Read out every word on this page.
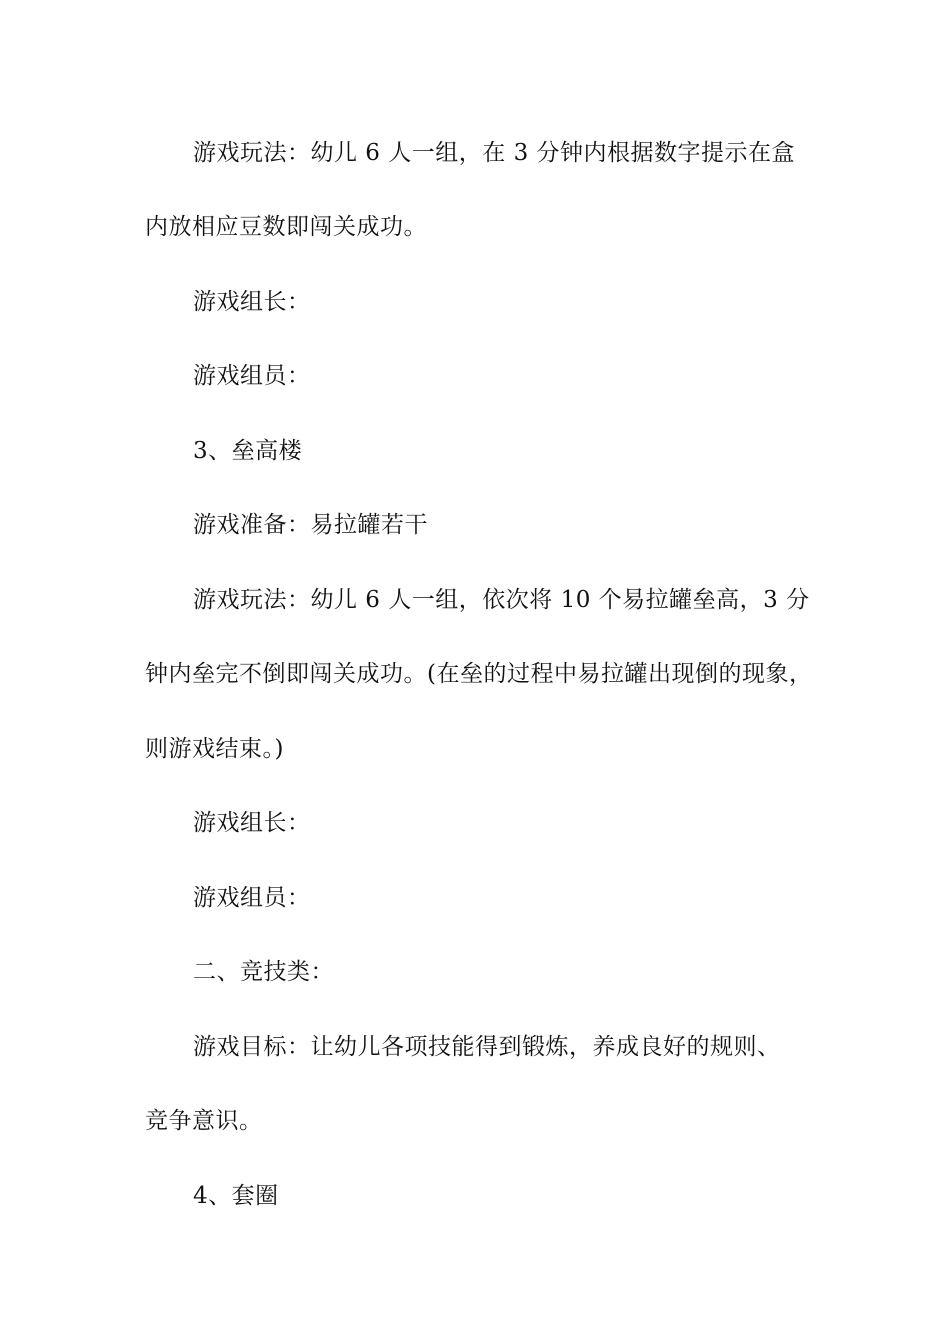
游戏玩法：幼儿 6 人一组，在 3 分钟内根据数字提示在盒
内放相应豆数即闯关成功。
游戏组长：
游戏组员：
3、垒高楼
游戏准备：易拉罐若干
游戏玩法：幼儿 6 人一组，依次将 10 个易拉罐垒高，3 分
钟内垒完不倒即闯关成功。(在垒的过程中易拉罐出现倒的现象，
则游戏结束。)
游戏组长：
游戏组员：
二、竞技类：
游戏目标：让幼儿各项技能得到锻炼，养成良好的规则、
竞争意识。
4、套圈
